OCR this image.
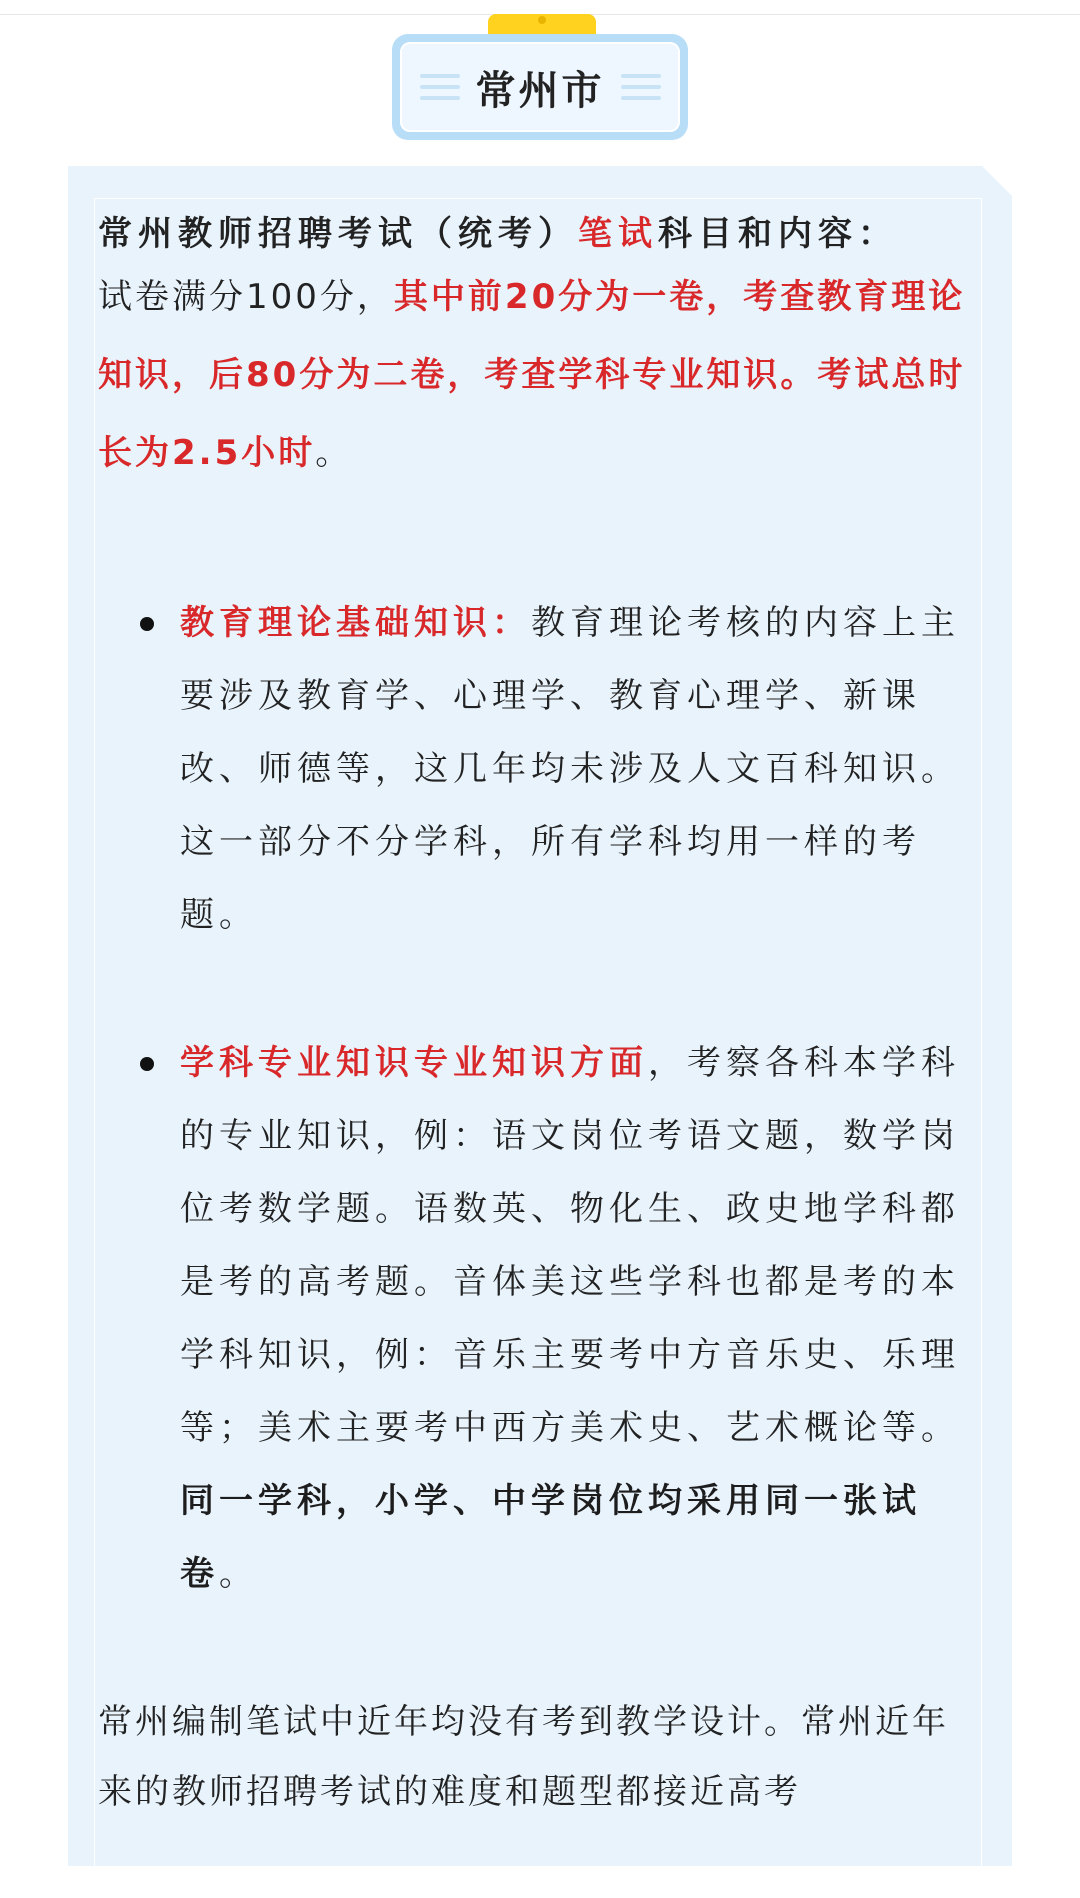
常州市

常州教师招聘考试（统考）笔试科目和内容：
试卷满分100分，其中前20分为一卷，考查教育理论知识，后80分为二卷，考查学科专业知识。考试总时长为2.5小时。

教育理论基础知识：教育理论考核的内容上主要涉及教育学、心理学、教育心理学、新课改、师德等，这几年均未涉及人文百科知识。这一部分不分学科，所有学科均用一样的考题。
学科专业知识专业知识方面，考察各科本学科的专业知识，例：语文岗位考语文题，数学岗位考数学题。语数英、物化生、政史地学科都是考的高考题。音体美这些学科也都是考的本学科知识，例：音乐主要考中方音乐史、乐理等；美术主要考中西方美术史、艺术概论等。同一学科，小学、中学岗位均采用同一张试卷。

常州编制笔试中近年均没有考到教学设计。常州近年来的教师招聘考试的难度和题型都接近高考
